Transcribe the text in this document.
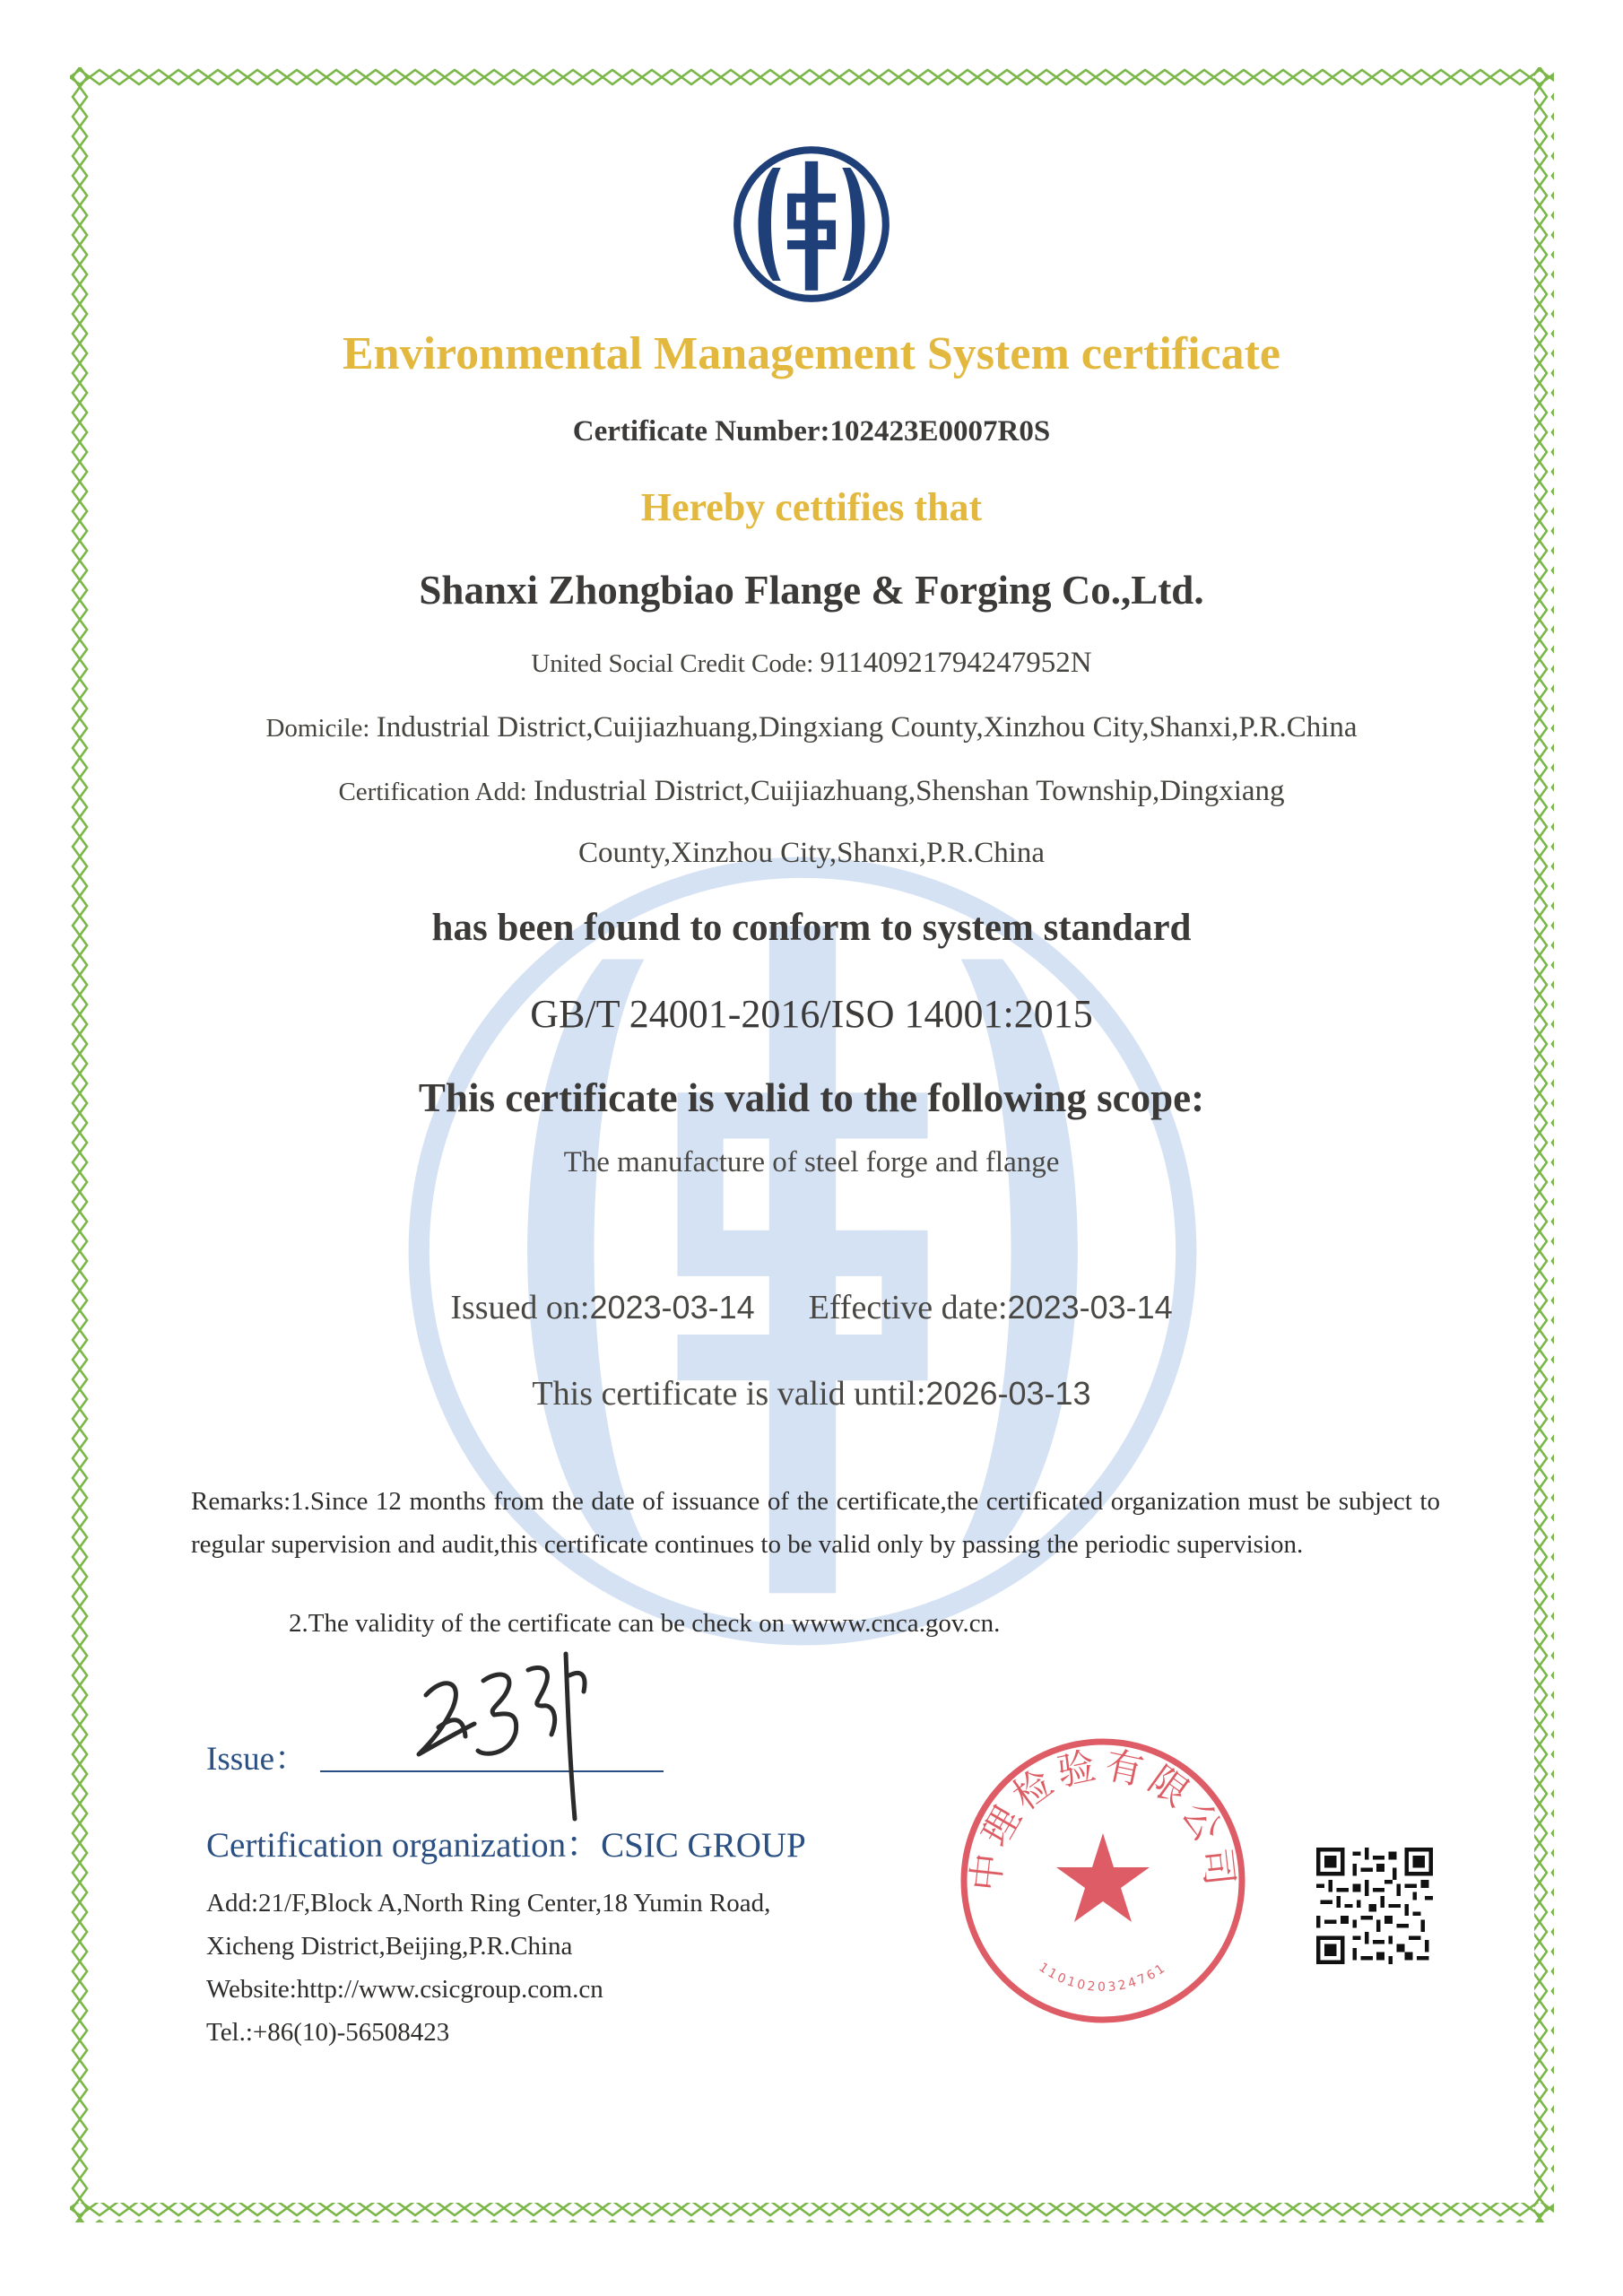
Environmental Management System certificate
Certificate Number:102423E0007R0S
Hereby cettifies that
Shanxi Zhongbiao Flange & Forging Co.,Ltd.
United Social Credit Code: 91140921794247952N
Domicile: Industrial District,Cuijiazhuang,Dingxiang County,Xinzhou City,Shanxi,P.R.China
Certification Add: Industrial District,Cuijiazhuang,Shenshan Township,Dingxiang
County,Xinzhou City,Shanxi,P.R.China
has been found to conform to system standard
GB/T 24001-2016/ISO 14001:2015
This certificate is valid to the following scope:
The manufacture of steel forge and flange
Issued on:2023-03-14 Effective date:2023-03-14
This certificate is valid until:2026-03-13
Remarks:1.Since 12 months from the date of issuance of the certificate,the certificated organization must be subject to regular supervision and audit,this certificate continues to be valid only by passing the periodic supervision.
2.The validity of the certificate can be check on wwww.cnca.gov.cn.
Issue：
Certification organization：CSIC GROUP
Add:21/F,Block A,North Ring Center,18 Yumin Road,
Xicheng District,Beijing,P.R.China
Website:http://www.csicgroup.com.cn
Tel.:+86(10)-56508423
中理检验有限公司
1101020324761
